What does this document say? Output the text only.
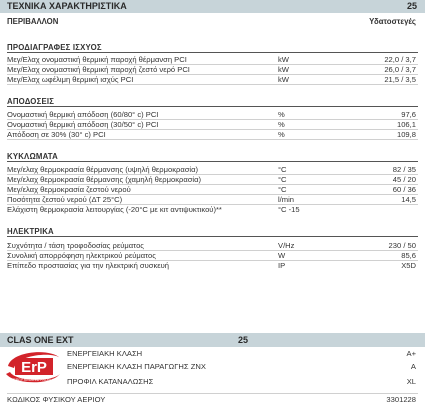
ΤΕΧΝΙΚΑ ΧΑΡΑΚΤΗΡΙΣΤΙΚΑ	25
ΠΕΡΙΒΑΛΛΟΝ	Υδατοστεγές
ΠΡΟΔΙΑΓΡΑΦΕΣ ΙΣΧΥΟΣ
Μεγ/Ελαχ ονομαστική θερμική παροχή θέρμανση PCI	kW	22,0 / 3,7
Μεγ/Ελαχ ονομαστική θερμική παροχή ζεστό νερό PCI	kW	26,0 / 3,7
Μεγ/Ελαχ ωφέλιμη θερμική ισχύς PCI	kW	21,5 / 3,5
ΑΠΟΔΟΣΕΙΣ
Ονομαστική θερμική απόδοση (60/80° c) PCI	%	97,6
Ονομαστική θερμική απόδοση (30/50° c) PCI	%	106,1
Απόδοση σε 30% (30° c) PCI	%	109,8
ΚΥΚΛΩΜΑΤΑ
Μεγ/ελαχ θερμοκρασία θέρμανσης (υψηλή θερμοκρασία)	°C	82 / 35
Μεγ/ελαχ θερμοκρασία θέρμανσης (χαμηλή θερμοκρασία)	°C	45 / 20
Μεγ/ελαχ θερμοκρασία ζεστού νερού	°C	60 / 36
Ποσότητα ζεστού νερού (ΔΤ 25°C)	l/min	14,5
Ελάχιστη θερμοκρασία λειτουργίας (-20°C με κιτ αντιψυκτικού)**	°C -15
ΗΛΕΚΤΡΙΚΑ
Συχνότητα / τάση τροφοδοσίας ρεύματος	V/Hz	230 / 50
Συνολική απορρόφηση ηλεκτρικού ρεύματος	W	85,6
Επίπεδο προστασίας για την ηλεκτρική συσκευή	IP	X5D
CLAS ONE EXT	25
ErP
ENERGY RELATED PRODUCTS
ΕΝΕΡΓΕΙΑΚΗ ΚΛΑΣΗ	A+
ΕΝΕΡΓΕΙΑΚΗ ΚΛΑΣΗ ΠΑΡΑΓΩΓΗΣ ΖΝΧ	A
ΠΡΟΦΙΛ ΚΑΤΑΝΑΛΩΣΗΣ	XL
ΚΩΔΙΚΟΣ ΦΥΣΙΚΟΥ ΑΕΡΙΟΥ	3301228
